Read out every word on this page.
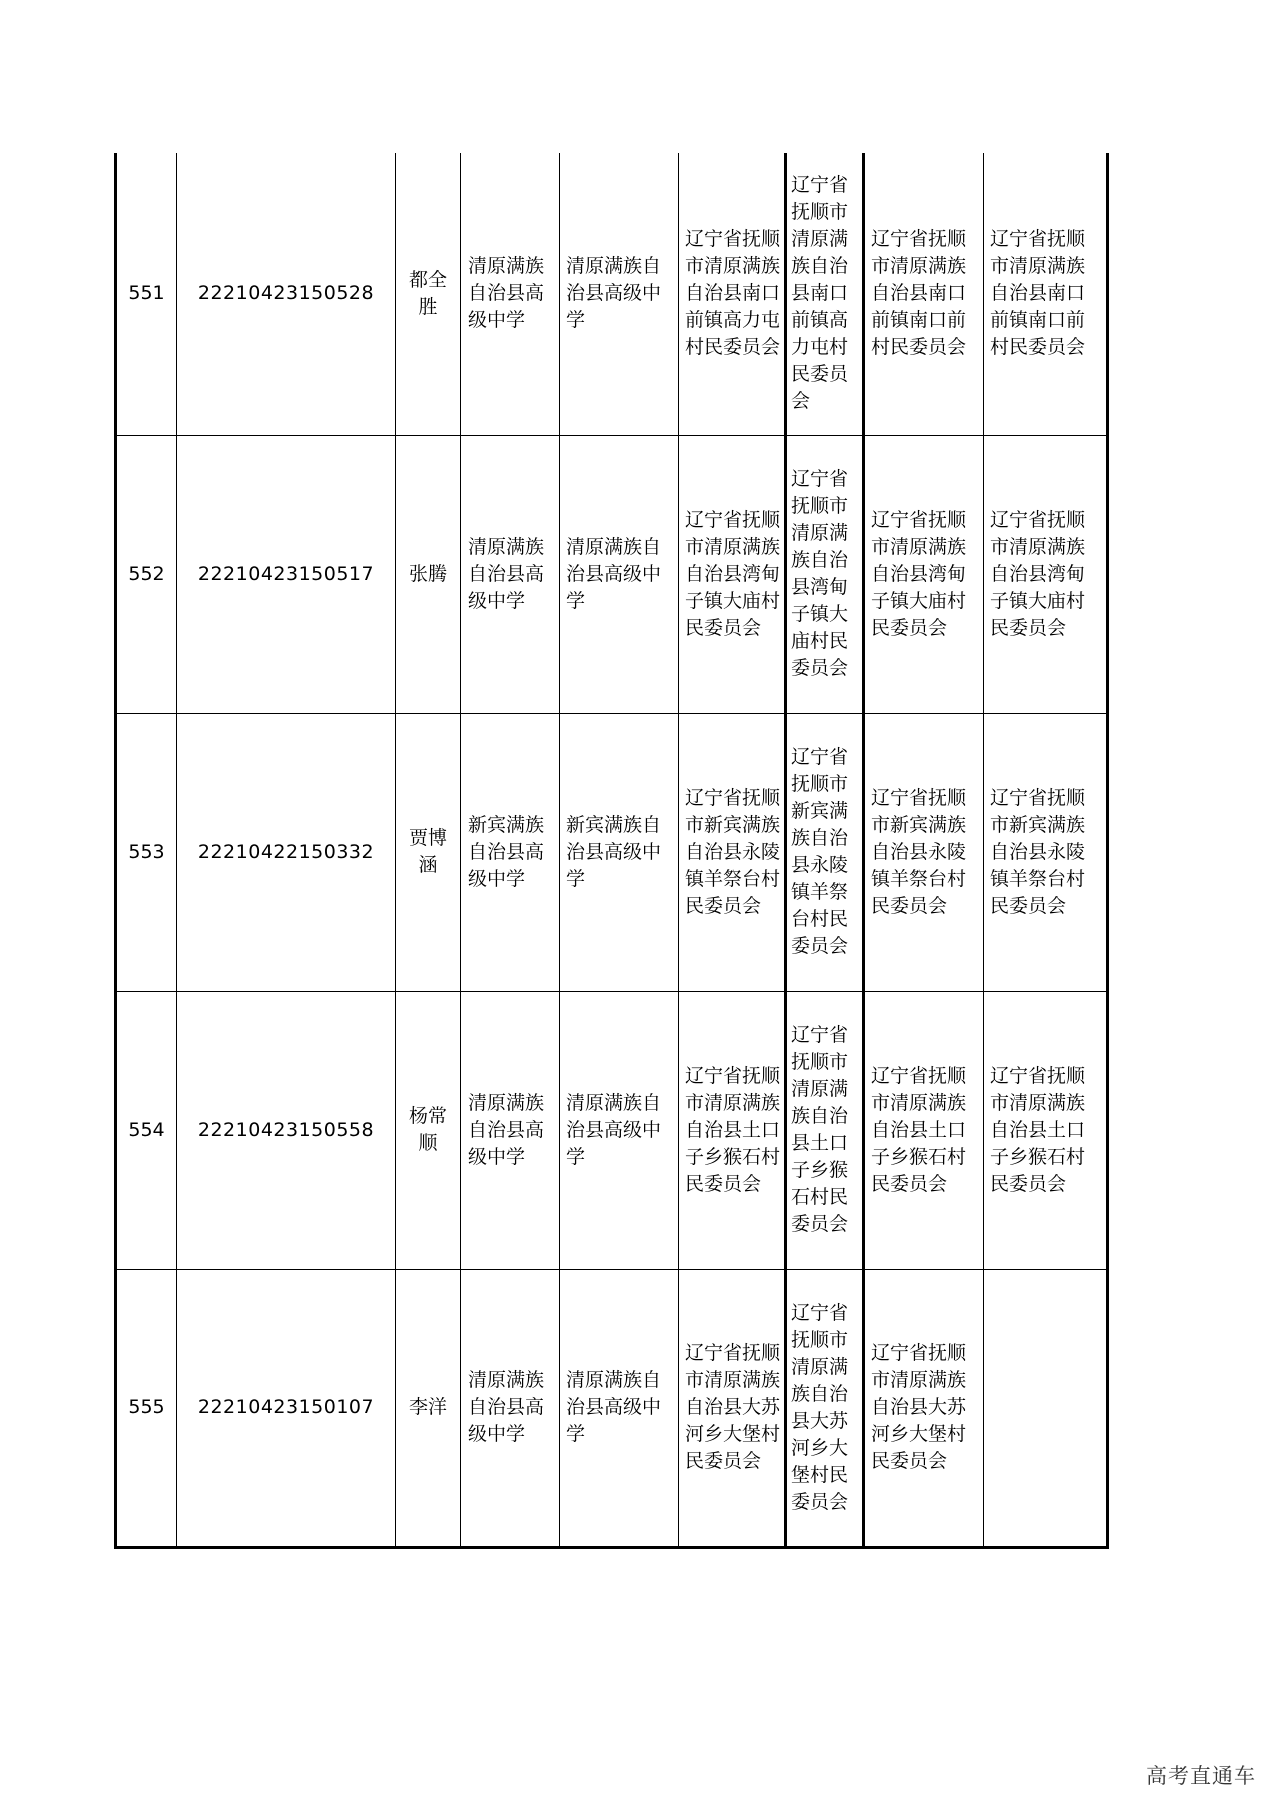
551	22210423150528	都全胜	清原满族自治县高级中学	清原满族自治县高级中学	辽宁省抚顺市清原满族自治县南口前镇高力屯村民委员会	辽宁省抚顺市清原满族自治县南口前镇高力屯村民委员会	辽宁省抚顺市清原满族自治县南口前镇南口前村民委员会	辽宁省抚顺市清原满族自治县南口前镇南口前村民委员会
552	22210423150517	张腾	清原满族自治县高级中学	清原满族自治县高级中学	辽宁省抚顺市清原满族自治县湾甸子镇大庙村民委员会	辽宁省抚顺市清原满族自治县湾甸子镇大庙村民委员会	辽宁省抚顺市清原满族自治县湾甸子镇大庙村民委员会	辽宁省抚顺市清原满族自治县湾甸子镇大庙村民委员会
553	22210422150332	贾博涵	新宾满族自治县高级中学	新宾满族自治县高级中学	辽宁省抚顺市新宾满族自治县永陵镇羊祭台村民委员会	辽宁省抚顺市新宾满族自治县永陵镇羊祭台村民委员会	辽宁省抚顺市新宾满族自治县永陵镇羊祭台村民委员会	辽宁省抚顺市新宾满族自治县永陵镇羊祭台村民委员会
554	22210423150558	杨常顺	清原满族自治县高级中学	清原满族自治县高级中学	辽宁省抚顺市清原满族自治县土口子乡猴石村民委员会	辽宁省抚顺市清原满族自治县土口子乡猴石村民委员会	辽宁省抚顺市清原满族自治县土口子乡猴石村民委员会	辽宁省抚顺市清原满族自治县土口子乡猴石村民委员会
555	22210423150107	李洋	清原满族自治县高级中学	清原满族自治县高级中学	辽宁省抚顺市清原满族自治县大苏河乡大堡村民委员会	辽宁省抚顺市清原满族自治县大苏河乡大堡村民委员会	辽宁省抚顺市清原满族自治县大苏河乡大堡村民委员会	
高考直通车
